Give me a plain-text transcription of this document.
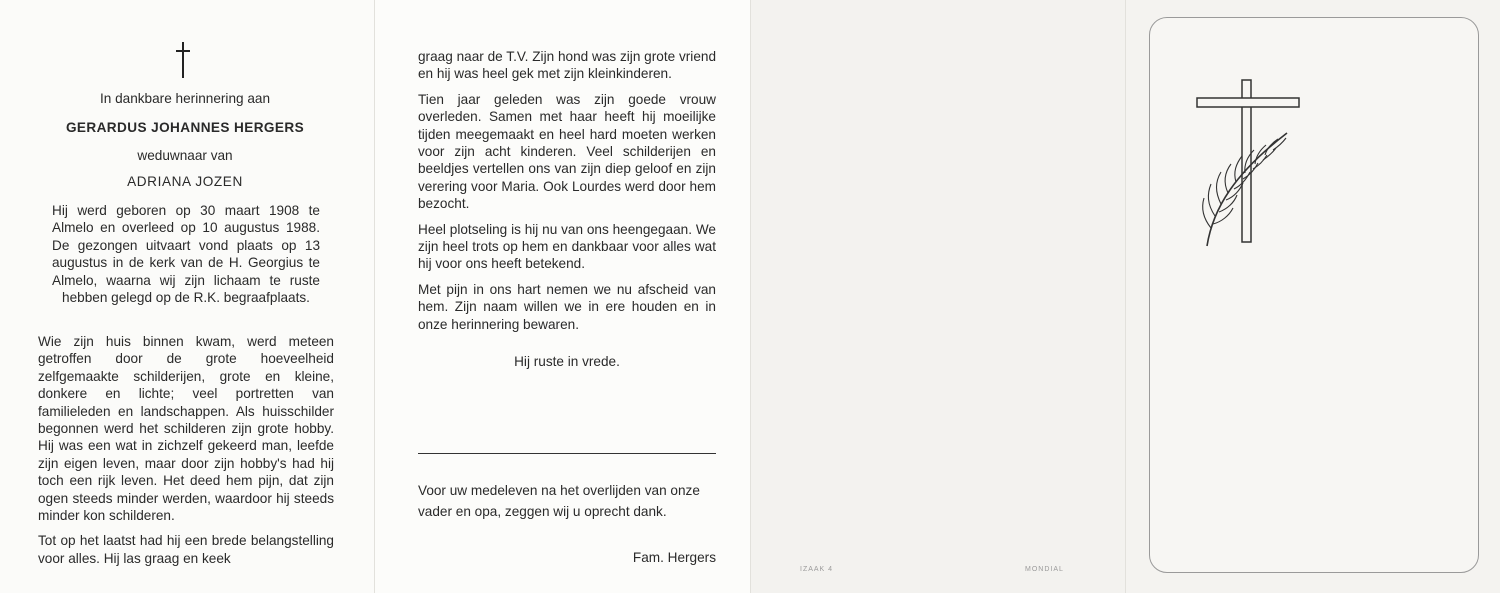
In dankbare herinnering aan
GERARDUS JOHANNES HERGERS
weduwnaar van
ADRIANA JOZEN
Hij werd geboren op 30 maart 1908 te Almelo en overleed op 10 augustus 1988. De gezongen uitvaart vond plaats op 13 augustus in de kerk van de H. Georgius te Almelo, waarna wij zijn lichaam te ruste hebben gelegd op de R.K. begraafplaats.

Wie zijn huis binnen kwam, werd meteen getroffen door de grote hoeveelheid zelfgemaakte schilderijen, grote en kleine, donkere en lichte; veel portretten van familieleden en landschappen. Als huisschilder begonnen werd het schilderen zijn grote hobby. Hij was een wat in zichzelf gekeerd man, leefde zijn eigen leven, maar door zijn hobby's had hij toch een rijk leven. Het deed hem pijn, dat zijn ogen steeds minder werden, waardoor hij steeds minder kon schilderen.

Tot op het laatst had hij een brede belangstelling voor alles. Hij las graag en keek

graag naar de T.V. Zijn hond was zijn grote vriend en hij was heel gek met zijn kleinkinderen.

Tien jaar geleden was zijn goede vrouw overleden. Samen met haar heeft hij moeilijke tijden meegemaakt en heel hard moeten werken voor zijn acht kinderen. Veel schilderijen en beeldjes vertellen ons van zijn diep geloof en zijn verering voor Maria. Ook Lourdes werd door hem bezocht.

Heel plotseling is hij nu van ons heengegaan. We zijn heel trots op hem en dankbaar voor alles wat hij voor ons heeft betekend.

Met pijn in ons hart nemen we nu afscheid van hem. Zijn naam willen we in ere houden en in onze herinnering bewaren.

Hij ruste in vrede.
Voor uw medeleven na het overlijden van onze vader en opa, zeggen wij u oprecht dank.
Fam. Hergers
IZAAK 4	MONDIAL
